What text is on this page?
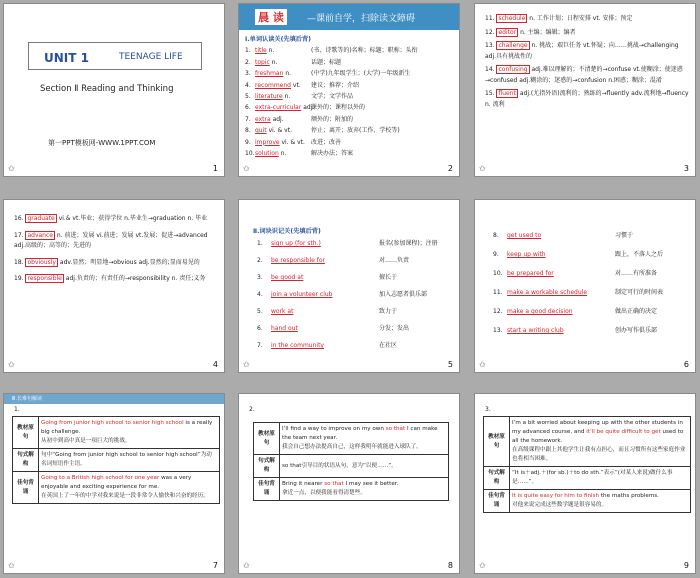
UNIT 1	TEENAGE LIFE
Section Ⅱ Reading and Thinking
第一PPT模板网-WWW.1PPT.COM
✩	1
晨 读	—课前自学，扫除读文障碍
Ⅰ.单词认读关(先填后背)
1. title n.	(书、诗歌等的)名称；标题；职称；头衔
2. topic n.	话题；标题
3. freshman n.	(中学)九年级学生；(大学)一年级新生
4. recommend vt. 建议；推荐；介绍
5. literature n.	文学；文学作品
6. extra-curricular adj.课外的；课程以外的
7. extra adj.	额外的；附加的
8. quit vi. & vt.	停止；离开；放弃(工作、学校等)
9. improve vi. & vt. 改进；改善
10.solution n.	解决办法；答案
✩	2
11. schedule n. 工作计划；日程安排 vt. 安排；预定
12. editor n. 主编；编辑；编者
13. challenge n. 挑战；艰巨任务 vt.怀疑；向……挑战→challenging adj.具有挑战性的
14. confusing adj.难以理解的；不清楚的→confuse vt.使糊涂；使迷惑→confused adj.糊涂的；迷惑的→confusion n.困惑；糊涂；混淆
15. fluent adj.(尤指外语)流利的；熟练的→fluently adv.流利地→fluency n. 流利
✩	3
16. graduate vi.& vt.毕业；获得学位 n.毕业生→graduation n. 毕业
17. advance n. 前进；发展 vi.前进；发展 vt.发展；促进→advanced adj.高级的；高等的；先进的
18. obviously adv.显然；明显地→obvious adj.显然的;显而易见的
19. responsible adj.负责的；有责任的→responsibility n. 责任;义务
✩	4
Ⅱ.词块识记关(先填后背)
1. sign up (for sth.)	报名(参加课程)；注册
2. be responsible for	对……负责
3. be good at	擅长于
4. join a volunteer club	加入志愿者俱乐部
5. work at	致力于
6. hand out	分发；发出
7. in the community	在社区
✩	5
8. get used to	习惯于
9. keep up with	跟上，不落人之后
10. be prepared for	对……有所准备
11. make a workable schedule	制定可行的时间表
12. make a good decision	做出正确的决定
13. start a writing club	创办写作俱乐部
✩	6
Ⅲ.长难句解读
1.
教材原句	Going from junior high school to senior high school is a really big challenge.
从初中到高中真是一项巨大的挑战。
句式解构	句中“Going from junior high school to senior high school”为动名词短语作主语。
佳句背诵	Going to a British high school for one year was a very enjoyable and exciting experience for me.
在英国上了一年的中学对我来说是一段非常令人愉快和兴奋的经历。
✩	7
2.
教材原句	I’ll find a way to improve on my own so that I can make the team next year.
我会自己想办法提高自己，这样我明年就能进入球队了。
句式解构	so that引导目的状语从句，意为“以便……”。
佳句背诵	Bring it nearer so that I may see it better.
拿近一点，以便我能看得清楚些。
✩	8
3.
教材原句	I’m a bit worried about keeping up with the other students in my advanced course, and it’ll be quite difficult to get used to all the homework.
在高级课程中跟上其他学生让我有点担心，而且习惯所有这些家庭作业也将相当困难。
句式解构	“It is＋adj.＋(for sb.)＋to do sth.”表示“(对某人来说)做什么事是……”。
佳句背诵	It is quite easy for him to finish the maths problems.
对他来说完成这些数学题是很容易的。
✩	9
